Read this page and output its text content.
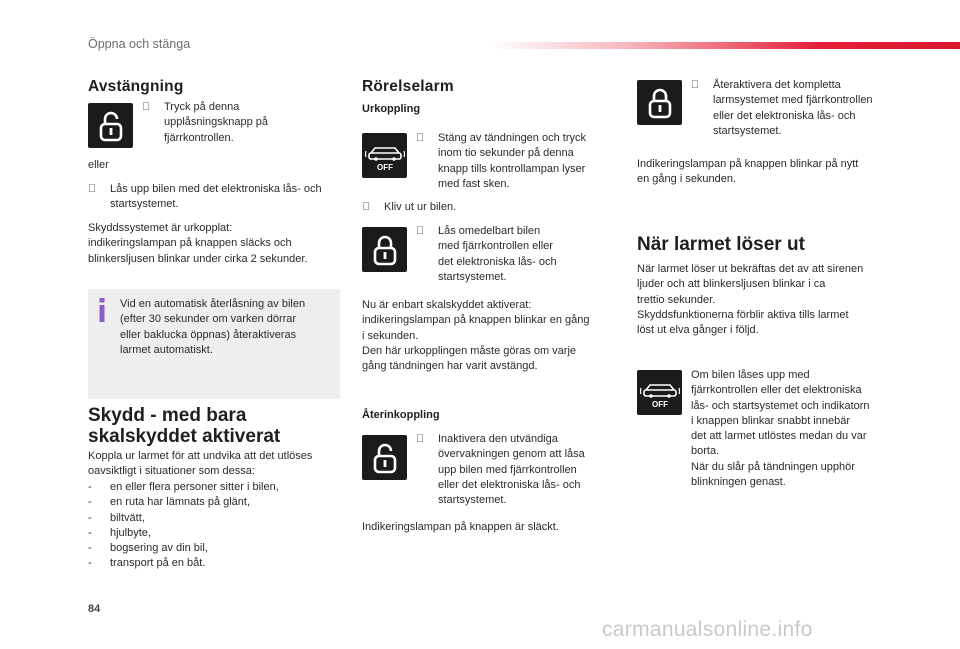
Öppna och stänga
Avstängning

Tryck på denna

upplåsningsknapp på

fjärrkontrollen.

eller

Lås upp bilen med det elektroniska lås- och

startsystemet.

Skyddssystemet är urkopplat:

indikeringslampan på knappen släcks och

blinkersljusen blinkar under cirka 2 sekunder.

Vid en automatisk återlåsning av bilen

(efter 30 sekunder om varken dörrar

eller baklucka öppnas) återaktiveras

larmet automatiskt.

Skydd - med bara
skalskyddet aktiverat

Koppla ur larmet för att undvika att det utlöses

oavsiktligt i situationer som dessa:

- en eller flera personer sitter i bilen,
- en ruta har lämnats på glänt,
- biltvätt,
- hjulbyte,
- bogsering av din bil,
- transport på en båt.
Rörelselarm
Urkoppling
OFF

Stäng av tändningen och tryck

inom tio sekunder på denna

knapp tills kontrollampan lyser

med fast sken.

Kliv ut ur bilen.

Lås omedelbart bilen

med fjärrkontrollen eller

det elektroniska lås- och

startsystemet.

Nu är enbart skalskyddet aktiverat:

indikeringslampan på knappen blinkar en gång

i sekunden.

Den här urkopplingen måste göras om varje

gång tändningen har varit avstängd.

Återinkoppling

Inaktivera den utvändiga

övervakningen genom att låsa

upp bilen med fjärrkontrollen

eller det elektroniska lås- och

startsystemet.

Indikeringslampan på knappen är släckt.

Återaktivera det kompletta

larmsystemet med fjärrkontrollen

eller det elektroniska lås- och

startsystemet.

Indikeringslampan på knappen blinkar på nytt

en gång i sekunden.

När larmet löser ut

När larmet löser ut bekräftas det av att sirenen

ljuder och att blinkersljusen blinkar i ca

trettio sekunder.

Skyddsfunktionerna förblir aktiva tills larmet

löst ut elva gånger i följd.

OFF

Om bilen låses upp med

fjärrkontrollen eller det elektroniska

lås- och startsystemet och indikatorn

i knappen blinkar snabbt innebär

det att larmet utlöstes medan du var

borta.

När du slår på tändningen upphör

blinkningen genast.

84
carmanualsonline.info
